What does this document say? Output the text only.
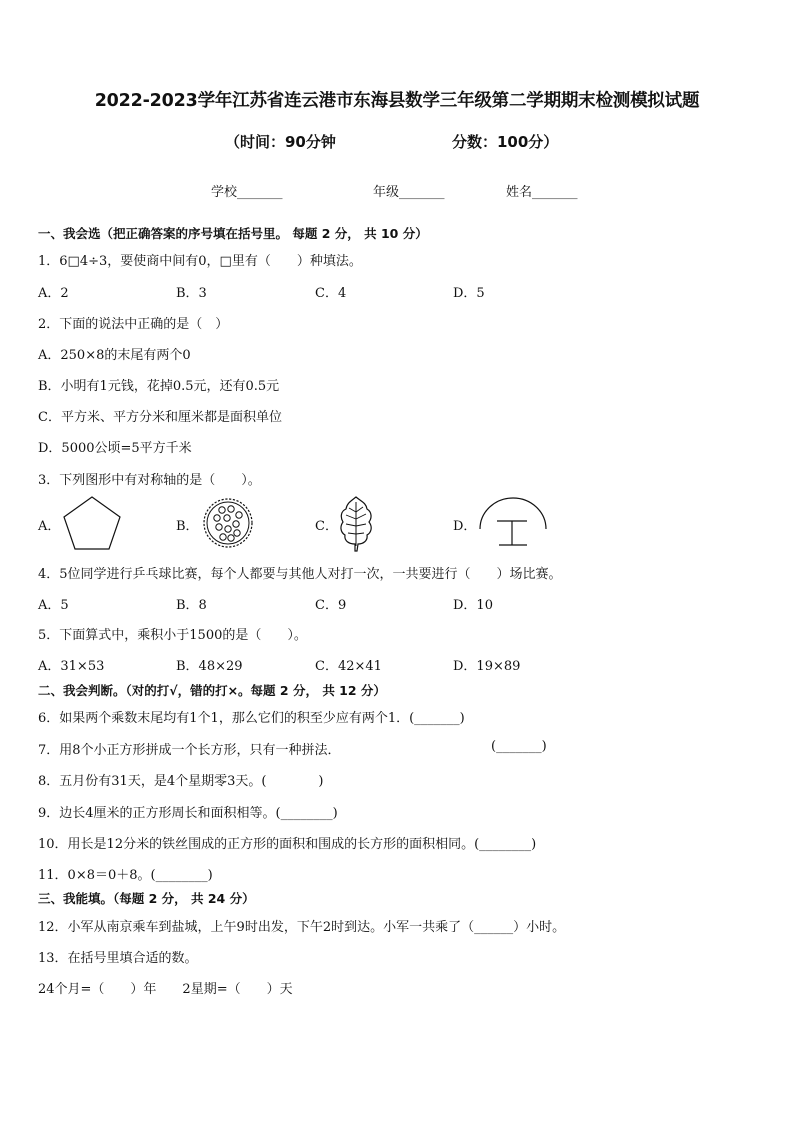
2022-2023学年江苏省连云港市东海县数学三年级第二学期期末检测模拟试题
（时间：90分钟	分数：100分）
学校_______	年级_______	姓名_______
一、我会选（把正确答案的序号填在括号里。 每题 2 分， 共 10 分）
1．6□4÷3，要使商中间有0，□里有（　　）种填法。
A．2	B．3	C．4	D．5
2．下面的说法中正确的是（　）
A．250×8的末尾有两个0
B．小明有1元钱，花掉0.5元，还有0.5元
C．平方米、平方分米和厘米都是面积单位
D．5000公顷=5平方千米
3．下列图形中有对称轴的是（　　）。
A．	B．	C．	D．
4．5位同学进行乒乓球比赛，每个人都要与其他人对打一次，一共要进行（　　）场比赛。
A．5	B．8	C．9	D．10
5．下面算式中，乘积小于1500的是（　　）。
A．31×53	B．48×29	C．42×41	D．19×89
二、我会判断。（对的打√，错的打×。每题 2 分， 共 12 分）
6．如果两个乘数末尾均有1个1，那么它们的积至少应有两个1．(_______)
7．用8个小正方形拼成一个长方形，只有一种拼法．	(_______)
8．五月份有31天，是4个星期零3天。(　　　　)
9．边长4厘米的正方形周长和面积相等。(________)
10．用长是12分米的铁丝围成的正方形的面积和围成的长方形的面积相同。(________)
11．0×8＝0＋8。(________)
三、我能填。（每题 2 分， 共 24 分）
12．小军从南京乘车到盐城，上午9时出发，下午2时到达。小军一共乘了（______）小时。
13．在括号里填合适的数。
24个月=（　　）年　　2星期=（　　）天
